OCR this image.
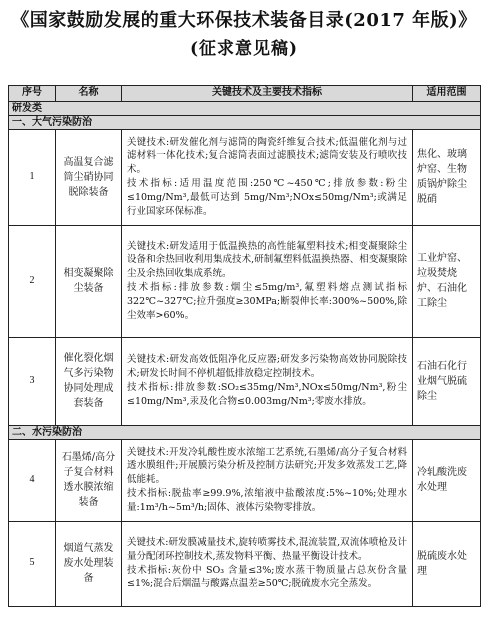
《国家鼓励发展的重大环保技术装备目录(2017 年版)》
(征求意见稿)
序号	名称	关键技术及主要技术指标	适用范围
研发类			
一、大气污染防治			
1	高温复合滤筒尘硝协同脱除装备	关键技术:研发催化剂与滤筒的陶瓷纤维复合技术;低温催化剂与过滤材料一体化技术;复合滤筒表面过滤膜技术;滤筒安装及行喷吹技术。

技术指标:适用温度范围:250℃~450℃;排放参数:粉尘≤10mg/Nm³,最低可达到 5mg/Nm³;NOx≤50mg/Nm³;或满足行业国家环保标准。	焦化、玻璃炉窑、生物质锅炉除尘脱硝
2	相变凝聚除尘装备	关键技术:研发适用于低温换热的高性能氟塑料技术;相变凝聚除尘设备和余热回收利用集成技术,研制氟塑料低温换热器、相变凝聚除尘及余热回收集成系统。

技术指标:排放参数:烟尘≤5mg/m³,氟塑料熔点测试指标 322℃~327℃;拉升强度≥30MPa;断裂伸长率:300%~500%,除尘效率>60%。	工业炉窑、垃圾焚烧炉、石油化工除尘
3	催化裂化烟气多污染物协同处理成套装备	关键技术:研发高效低阻净化反应器;研发多污染物高效协同脱除技术;研发长时间不停机超低排放稳定控制技术。

技术指标:排放参数:SO₂≤35mg/Nm³,NOx≤50mg/Nm³,粉尘≤10mg/Nm³,汞及化合物≤0.003mg/Nm³;零废水排放。	石油石化行业烟气脱硫除尘
二、水污染防治			
4	石墨烯/高分子复合材料透水膜浓缩装备	关键技术:开发冷轧酸性废水浓缩工艺系统,石墨烯/高分子复合材料透水膜组件;开展膜污染分析及控制方法研究;开发多效蒸发工艺,降低能耗。

技术指标:脱盐率≥99.9%,浓缩液中盐酸浓度:5%~10%;处理水量:1m³/h~5m³/h;固体、液体污染物零排放。	冷轧酸洗废水处理
5	烟道气蒸发废水处理装备	关键技术:研发膜减量技术,旋转喷雾技术,混流装置,双流体喷枪及计量分配闭环控制技术,蒸发物料平衡、热量平衡设计技术。

技术指标:灰份中 SO₃ 含量≤3%;废水蒸干物质量占总灰份含量≤1%;混合后烟温与酸露点温差≥50℃;脱硫废水完全蒸发。	脱硫废水处理
